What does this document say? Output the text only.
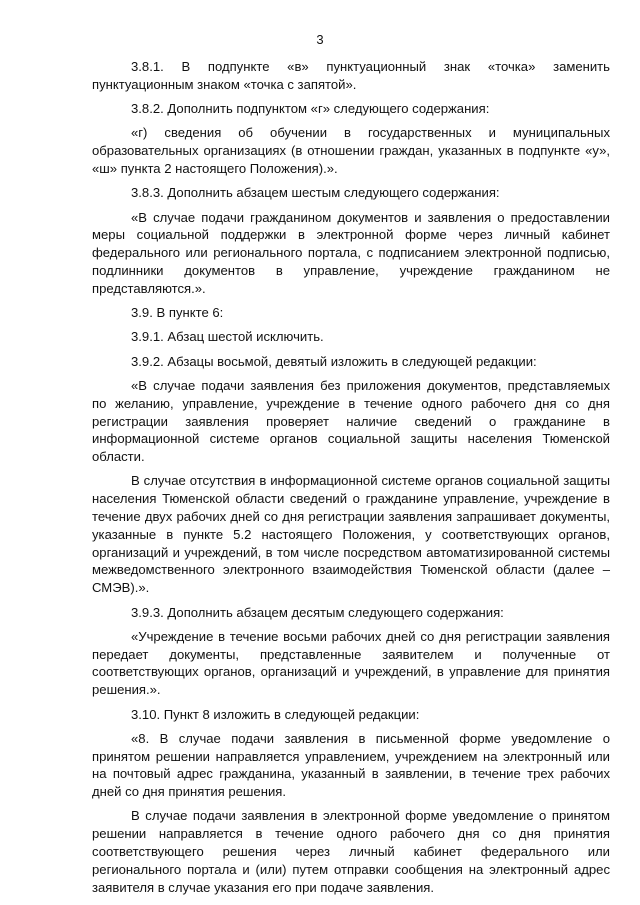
3

3.8.1. В подпункте «в» пунктуационный знак «точка» заменить пунктуационным знаком «точка с запятой».

3.8.2. Дополнить подпунктом «г» следующего содержания:

«г) сведения об обучении в государственных и муниципальных образовательных организациях (в отношении граждан, указанных в подпункте «у», «ш» пункта 2 настоящего Положения).».

3.8.3. Дополнить абзацем шестым следующего содержания:

«В случае подачи гражданином документов и заявления о предоставлении меры социальной поддержки в электронной форме через личный кабинет федерального или регионального портала, с подписанием электронной подписью, подлинники документов в управление, учреждение гражданином не представляются.».

3.9. В пункте 6:

3.9.1. Абзац шестой исключить.

3.9.2. Абзацы восьмой, девятый изложить в следующей редакции:

«В случае подачи заявления без приложения документов, представляемых по желанию, управление, учреждение в течение одного рабочего дня со дня регистрации заявления проверяет наличие сведений о гражданине в информационной системе органов социальной защиты населения Тюменской области.

В случае отсутствия в информационной системе органов социальной защиты населения Тюменской области сведений о гражданине управление, учреждение в течение двух рабочих дней со дня регистрации заявления запрашивает документы, указанные в пункте 5.2 настоящего Положения, у соответствующих органов, организаций и учреждений, в том числе посредством автоматизированной системы межведомственного электронного взаимодействия Тюменской области (далее – СМЭВ).».

3.9.3. Дополнить абзацем десятым следующего содержания:

«Учреждение в течение восьми рабочих дней со дня регистрации заявления передает документы, представленные заявителем и полученные от соответствующих органов, организаций и учреждений, в управление для принятия решения.».

3.10. Пункт 8 изложить в следующей редакции:

«8. В случае подачи заявления в письменной форме уведомление о принятом решении направляется управлением, учреждением на электронный или на почтовый адрес гражданина, указанный в заявлении, в течение трех рабочих дней со дня принятия решения.

В случае подачи заявления в электронной форме уведомление о принятом решении направляется в течение одного рабочего дня со дня принятия соответствующего решения через личный кабинет федерального или регионального портала и (или) путем отправки сообщения на электронный адрес заявителя в случае указания его при подаче заявления.
